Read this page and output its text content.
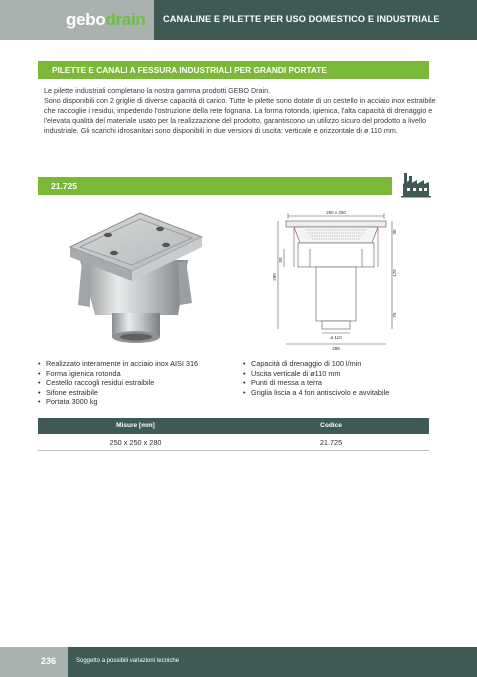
gebodrain CANALINE E PILETTE PER USO DOMESTICO E INDUSTRIALE
PILETTE E CANALI A FESSURA INDUSTRIALI PER GRANDI PORTATE

Le pilette industriali completano la nostra gamma prodotti GEBO Drain.

Sono disponibili con 2 griglie di diverse capacità di carico. Tutte le pilette sono dotate di un cestello in acciaio inox estraibile che raccoglie i residui, impedendo l'ostruzione della rete fognaria. La forma rotonda, igienica, l'alta capacità di drenaggio e l'elevata qualità del materiale usato per la realizzazione del prodotto, garantiscono un utilizzo sicuro del prodotto a livello industriale. Gli scarichi idrosanitari sono disponibili in due versioni di uscita: verticale e orizzontale di ø 110 mm.

21.725
250 x 250
280
50
30
175
75
ø 110
286
• Realizzato interamente in acciaio inox AISI 316
• Forma igienica rotonda
• Cestello raccogli residui estraibile
• Sifone estraibile
• Portata 3000 kg
• Capacità di drenaggio di 100 l/min
• Uscita verticale di ø110 mm
• Punti di messa a terra
• Griglia liscia a 4 fori antiscivolo e avvitabile
Misure [mm]	Codice
250 x 250 x 280	21.725
236	Soggetto a possibili variazioni tecniche
